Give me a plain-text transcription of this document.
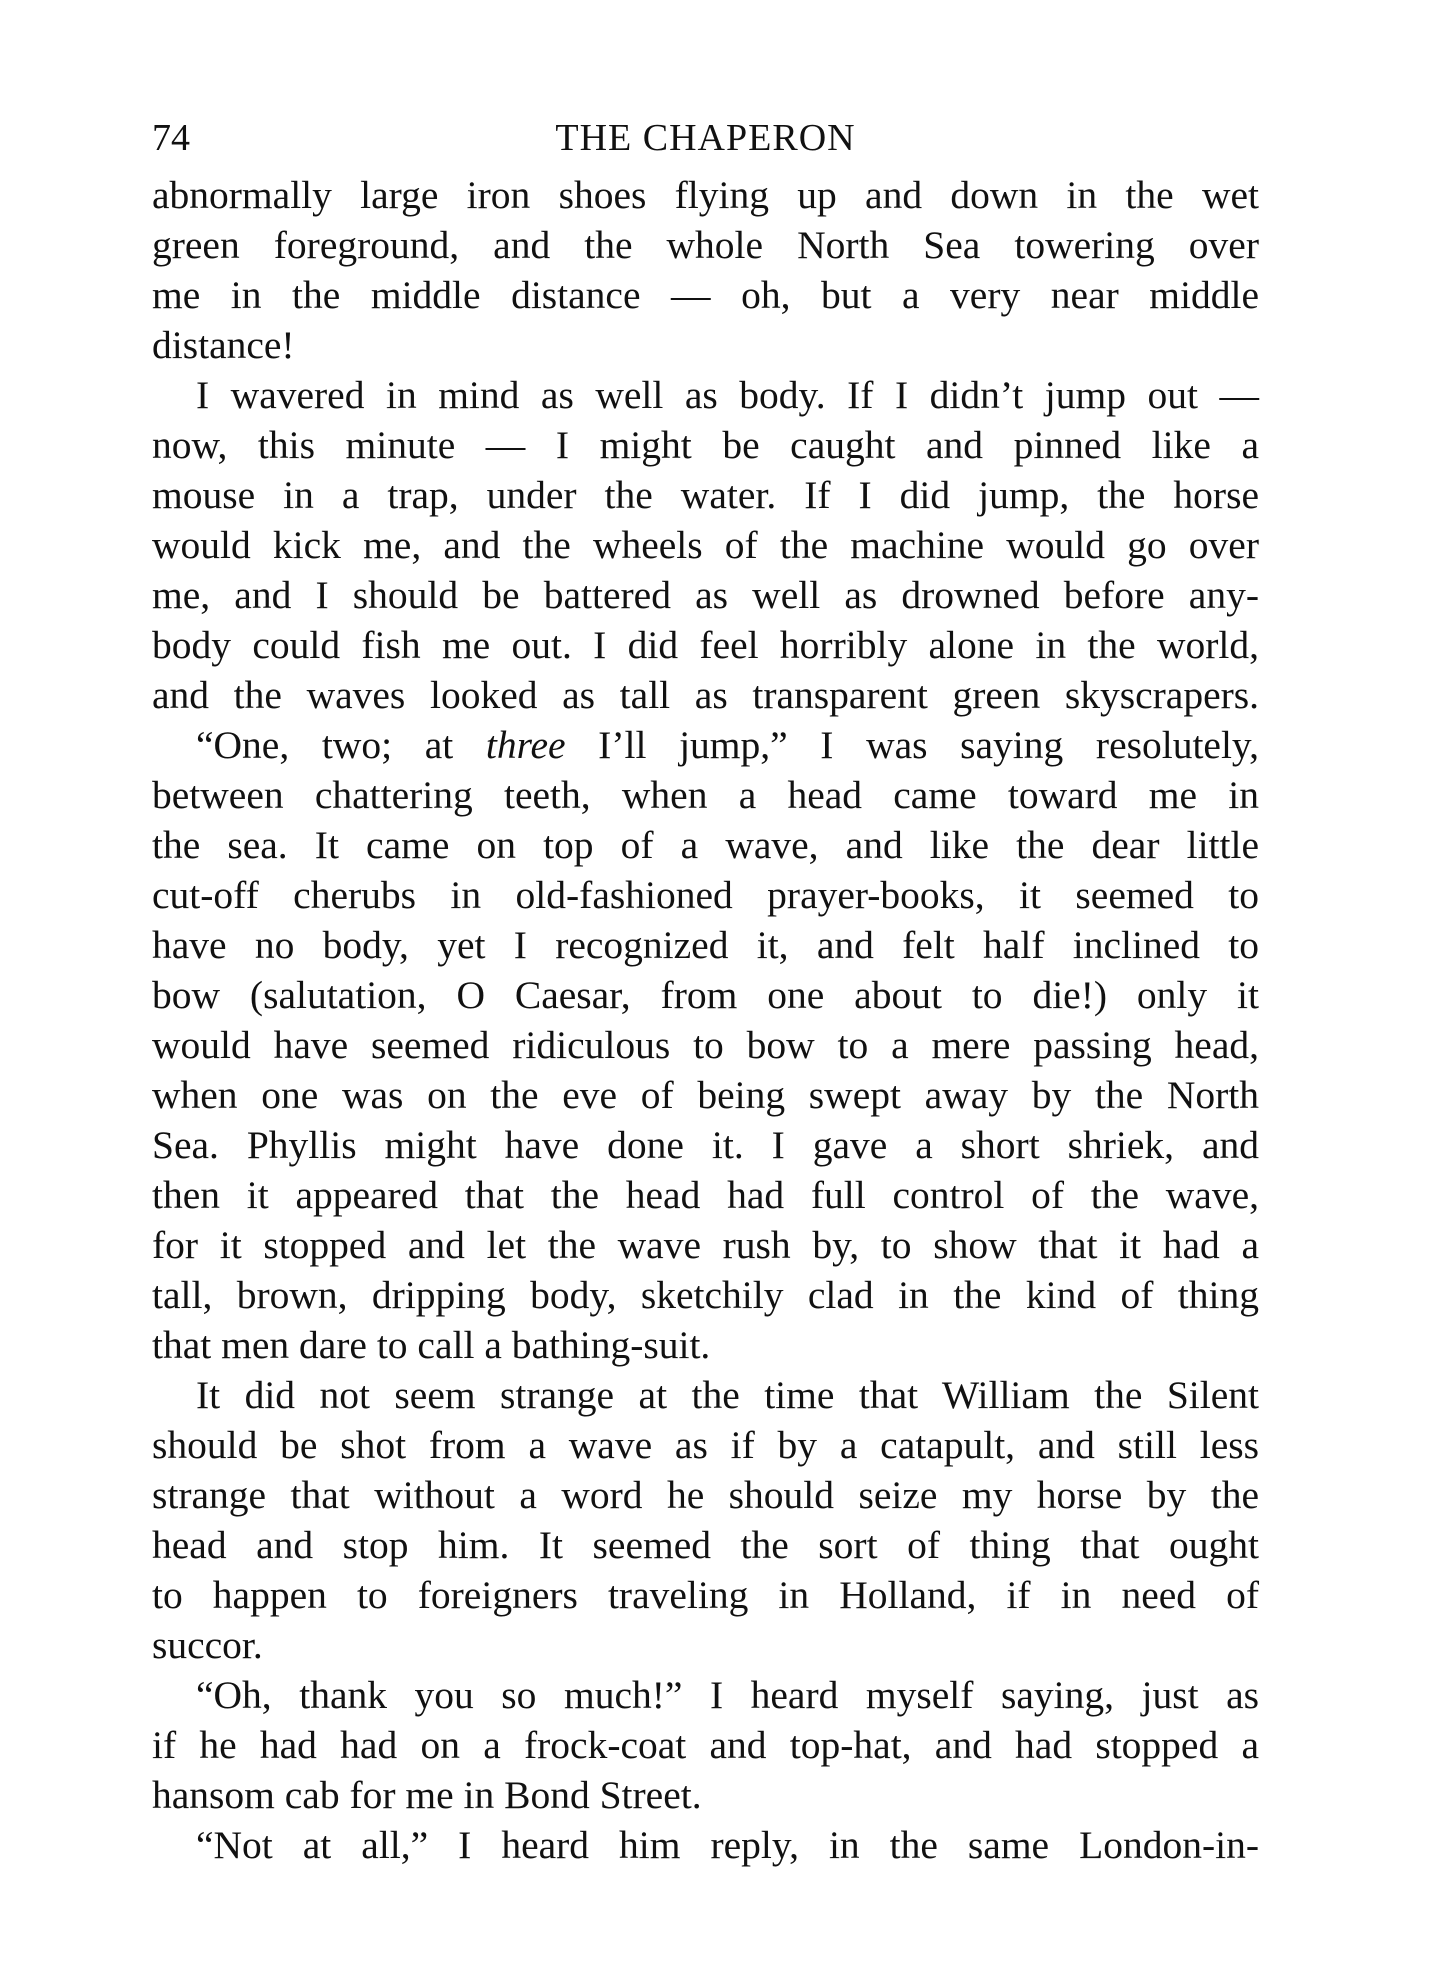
74	THE CHAPERON
abnormally large iron shoes flying up and down in the wet
green foreground, and the whole North Sea towering over
me in the middle distance — oh, but a very near middle
distance!
I wavered in mind as well as body. If I didn’t jump out —
now, this minute — I might be caught and pinned like a
mouse in a trap, under the water. If I did jump, the horse
would kick me, and the wheels of the machine would go over
me, and I should be battered as well as drowned before any-
body could fish me out. I did feel horribly alone in the world,
and the waves looked as tall as transparent green skyscrapers.
“One, two; at three I’ll jump,” I was saying resolutely,
between chattering teeth, when a head came toward me in
the sea. It came on top of a wave, and like the dear little
cut-off cherubs in old-fashioned prayer-books, it seemed to
have no body, yet I recognized it, and felt half inclined to
bow (salutation, O Caesar, from one about to die!) only it
would have seemed ridiculous to bow to a mere passing head,
when one was on the eve of being swept away by the North
Sea. Phyllis might have done it. I gave a short shriek, and
then it appeared that the head had full control of the wave,
for it stopped and let the wave rush by, to show that it had a
tall, brown, dripping body, sketchily clad in the kind of thing
that men dare to call a bathing-suit.
It did not seem strange at the time that William the Silent
should be shot from a wave as if by a catapult, and still less
strange that without a word he should seize my horse by the
head and stop him. It seemed the sort of thing that ought
to happen to foreigners traveling in Holland, if in need of
succor.
“Oh, thank you so much!” I heard myself saying, just as
if he had had on a frock-coat and top-hat, and had stopped a
hansom cab for me in Bond Street.
“Not at all,” I heard him reply, in the same London-in-
